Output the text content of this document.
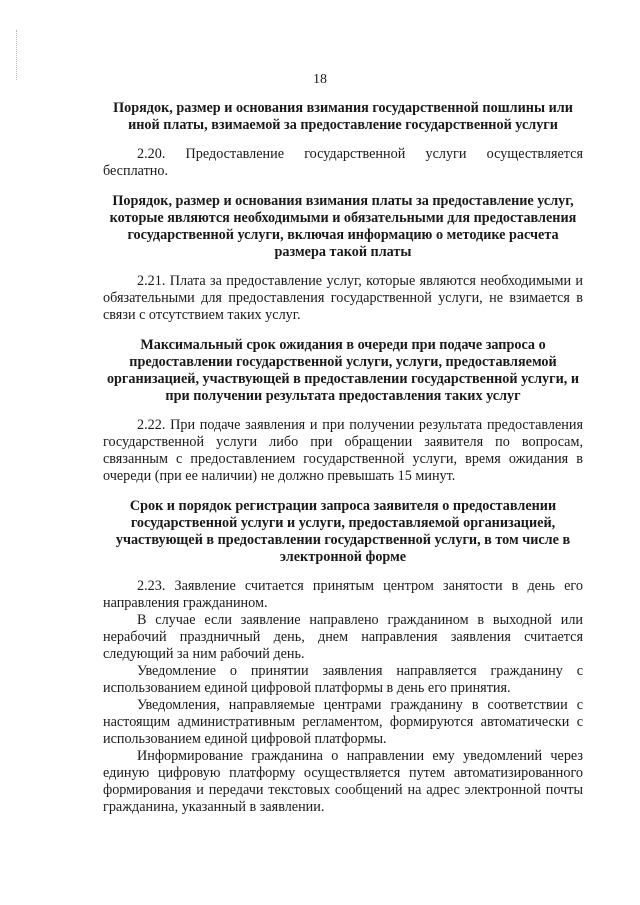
18

Порядок, размер и основания взимания государственной пошлины или иной платы, взимаемой за предоставление государственной услуги

2.20. Предоставление государственной услуги осуществляется бесплатно.

Порядок, размер и основания взимания платы за предоставление услуг, которые являются необходимыми и обязательными для предоставления государственной услуги, включая информацию о методике расчета размера такой платы

2.21. Плата за предоставление услуг, которые являются необходимыми и обязательными для предоставления государственной услуги, не взимается в связи с отсутствием таких услуг.

Максимальный срок ожидания в очереди при подаче запроса о предоставлении государственной услуги, услуги, предоставляемой организацией, участвующей в предоставлении государственной услуги, и при получении результата предоставления таких услуг

2.22. При подаче заявления и при получении результата предоставления государственной услуги либо при обращении заявителя по вопросам, связанным с предоставлением государственной услуги, время ожидания в очереди (при ее наличии) не должно превышать 15 минут.

Срок и порядок регистрации запроса заявителя о предоставлении государственной услуги и услуги, предоставляемой организацией, участвующей в предоставлении государственной услуги, в том числе в электронной форме

2.23. Заявление считается принятым центром занятости в день его направления гражданином.

В случае если заявление направлено гражданином в выходной или нерабочий праздничный день, днем направления заявления считается следующий за ним рабочий день.

Уведомление о принятии заявления направляется гражданину с использованием единой цифровой платформы в день его принятия.

Уведомления, направляемые центрами гражданину в соответствии с настоящим административным регламентом, формируются автоматически с использованием единой цифровой платформы.

Информирование гражданина о направлении ему уведомлений через единую цифровую платформу осуществляется путем автоматизированного формирования и передачи текстовых сообщений на адрес электронной почты гражданина, указанный в заявлении.
